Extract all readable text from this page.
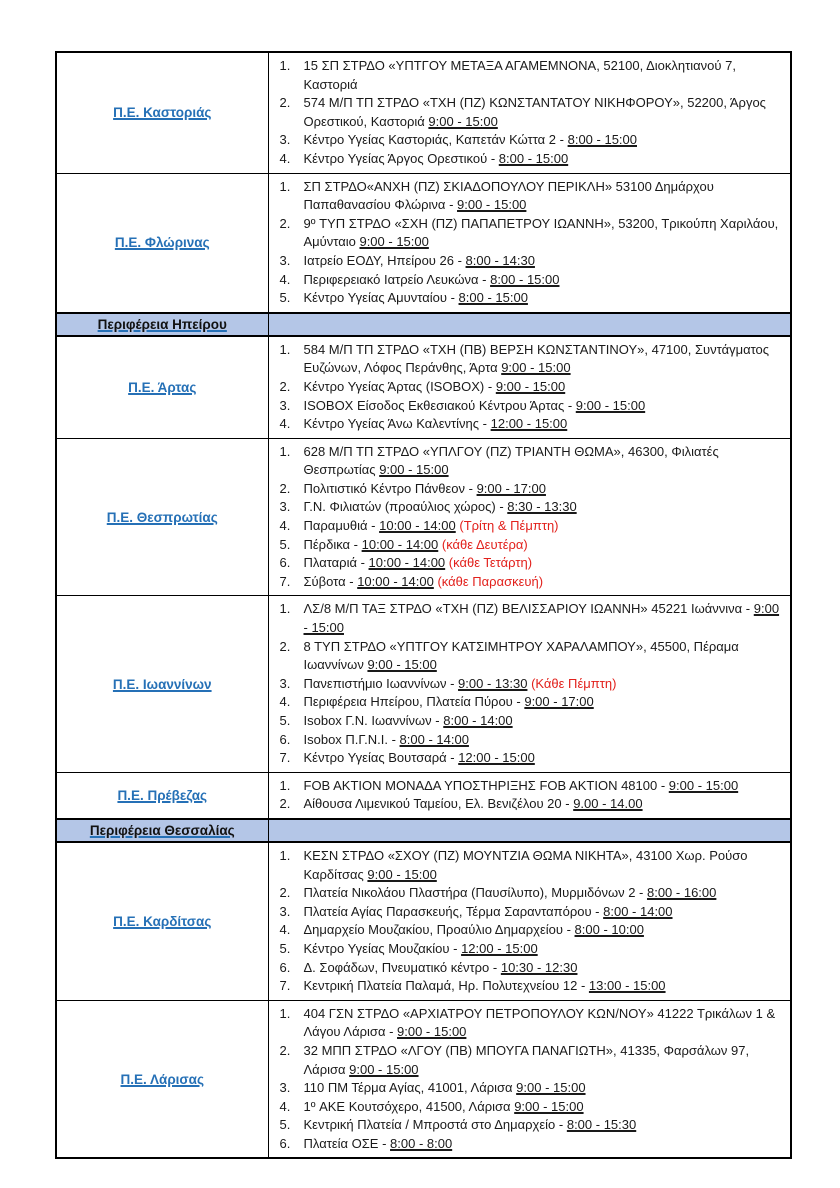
Π.Ε. Καστοριάς	
1.	15 ΣΠ ΣΤΡΔΟ «ΥΠΤΓΟΥ ΜΕΤΑΞΑ ΑΓΑΜΕΜΝΟΝΑ, 52100, Διοκλητιανού 7, Καστοριά
2.	574 Μ/Π ΤΠ ΣΤΡΔΟ «ΤΧΗ (ΠΖ) ΚΩΝΣΤΑΝΤΑΤΟΥ ΝΙΚΗΦΟΡΟΥ», 52200, Άργος Ορεστικού, Καστοριά 9:00 - 15:00
3.	Κέντρο Υγείας Καστοριάς, Καπετάν Κώττα 2 - 8:00 - 15:00
4.	Κέντρο Υγείας Άργος Ορεστικού - 8:00 - 15:00

Π.Ε. Φλώρινας	
1.	ΣΠ ΣΤΡΔΟ«ΑΝΧΗ (ΠΖ) ΣΚΙΑΔΟΠΟΥΛΟΥ ΠΕΡΙΚΛΗ» 53100 Δημάρχου Παπαθανασίου Φλώρινα - 9:00 - 15:00
2.	9º ΤΥΠ ΣΤΡΔΟ «ΣΧΗ (ΠΖ) ΠΑΠΑΠΕΤΡΟΥ ΙΩΑΝΝΗ», 53200, Τρικούπη Χαριλάου, Αμύνταιο 9:00 - 15:00
3.	Ιατρείο ΕΟΔΥ, Ηπείρου 26 - 8:00 - 14:30
4.	Περιφερειακό Ιατρείο Λευκώνα - 8:00 - 15:00
5.	Κέντρο Υγείας Αμυνταίου - 8:00 - 15:00

Περιφέρεια Ηπείρου	
Π.Ε. Άρτας	
1.	584 Μ/Π ΤΠ ΣΤΡΔΟ «ΤΧΗ (ΠΒ) ΒΕΡΣΗ ΚΩΝΣΤΑΝΤΙΝΟΥ», 47100, Συντάγματος Ευζώνων, Λόφος Περάνθης, Άρτα 9:00 - 15:00
2.	Κέντρο Υγείας Άρτας (ISOBOX) - 9:00 - 15:00
3.	ISOBOX Είσοδος Εκθεσιακού Κέντρου Άρτας - 9:00 - 15:00
4.	Κέντρο Υγείας Άνω Καλεντίνης - 12:00 - 15:00

Π.Ε. Θεσπρωτίας	
1.	628 Μ/Π ΤΠ ΣΤΡΔΟ «ΥΠΛΓΟΥ (ΠΖ) ΤΡΙΑΝΤΗ ΘΩΜΑ», 46300, Φιλιατές Θεσπρωτίας 9:00 - 15:00
2.	Πολιτιστικό Κέντρο Πάνθεον - 9:00 - 17:00
3.	Γ.Ν. Φιλιατών (προαύλιος χώρος) - 8:30 - 13:30
4.	Παραμυθιά - 10:00 - 14:00 (Τρίτη & Πέμπτη)
5.	Πέρδικα - 10:00 - 14:00 (κάθε Δευτέρα)
6.	Πλαταριά - 10:00 - 14:00 (κάθε Τετάρτη)
7.	Σύβοτα - 10:00 - 14:00 (κάθε Παρασκευή)

Π.Ε. Ιωαννίνων	
1.	ΛΣ/8 Μ/Π ΤΑΞ ΣΤΡΔΟ «ΤΧΗ (ΠΖ) ΒΕΛΙΣΣΑΡΙΟΥ ΙΩΑΝΝΗ» 45221 Ιωάννινα - 9:00 - 15:00
2.	8 ΤΥΠ ΣΤΡΔΟ «ΥΠΤΓΟΥ ΚΑΤΣΙΜΗΤΡΟΥ ΧΑΡΑΛΑΜΠΟΥ», 45500, Πέραμα Ιωαννίνων 9:00 - 15:00
3.	Πανεπιστήμιο Ιωαννίνων - 9:00 - 13:30 (Κάθε Πέμπτη)
4.	Περιφέρεια Ηπείρου, Πλατεία Πύρου - 9:00 - 17:00
5.	Isobox Γ.Ν. Ιωαννίνων - 8:00 - 14:00
6.	Isobox Π.Γ.Ν.Ι. - 8:00 - 14:00
7.	Κέντρο Υγείας Βουτσαρά - 12:00 - 15:00

Π.Ε. Πρέβεζας	1. FOB AKTION ΜΟΝΑΔΑ ΥΠΟΣΤΗΡΙΞΗΣ FOB AKTION 48100 - 9:00 - 15:00
2. Αίθουσα Λιμενικού Ταμείου, Ελ. Βενιζέλου 20 - 9.00 - 14.00

Περιφέρεια Θεσσαλίας	
Π.Ε. Καρδίτσας	
1.	ΚΕΣΝ ΣΤΡΔΟ «ΣΧΟΥ (ΠΖ) ΜΟΥΝΤΖΙΑ ΘΩΜΑ ΝΙΚΗΤΑ», 43100 Χωρ. Ρούσο Καρδίτσας 9:00 - 15:00
2.	Πλατεία Νικολάου Πλαστήρα (Παυσίλυπο), Μυρμιδόνων 2 - 8:00 - 16:00
3.	Πλατεία Αγίας Παρασκευής, Τέρμα Σαρανταπόρου - 8:00 - 14:00
4.	Δημαρχείο Μουζακίου, Προαύλιο Δημαρχείου - 8:00 - 10:00
5.	Κέντρο Υγείας Μουζακίου - 12:00 - 15:00
6.	Δ. Σοφάδων, Πνευματικό κέντρο - 10:30 - 12:30
7.	Κεντρική Πλατεία Παλαμά, Ηρ. Πολυτεχνείου 12 - 13:00 - 15:00

Π.Ε. Λάρισας	
1.	404 ΓΣΝ ΣΤΡΔΟ «ΑΡΧΙΑΤΡΟΥ ΠΕΤΡΟΠΟΥΛΟΥ ΚΩΝ/ΝΟΥ» 41222 Τρικάλων 1 & Λάγου Λάρισα - 9:00 - 15:00
2.	32 ΜΠΠ ΣΤΡΔΟ «ΛΓΟΥ (ΠΒ) ΜΠΟΥΓΑ ΠΑΝΑΓΙΩΤΗ», 41335, Φαρσάλων 97, Λάρισα 9:00 - 15:00
3.	110 ΠΜ Τέρμα Αγίας, 41001, Λάρισα 9:00 - 15:00
4.	1º ΑΚΕ Κουτσόχερο, 41500, Λάρισα 9:00 - 15:00
5.	Κεντρική Πλατεία / Μπροστά στο Δημαρχείο - 8:00 - 15:30
6.	Πλατεία ΟΣΕ - 8:00 - 8:00
